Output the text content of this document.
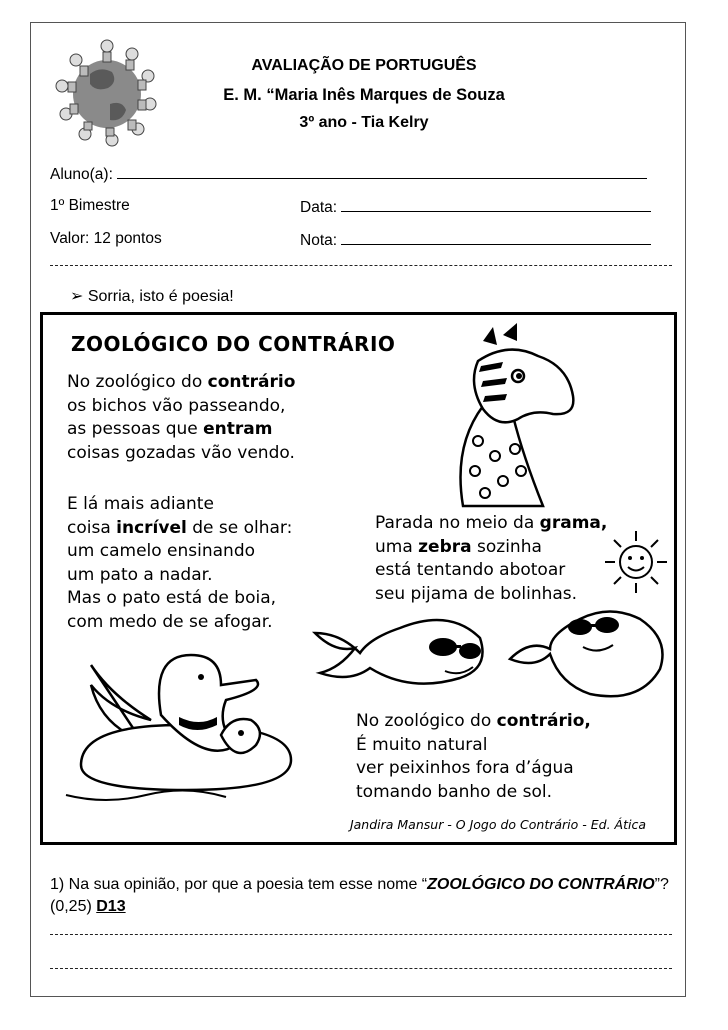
AVALIAÇÃO DE PORTUGUÊS
E. M. “Maria Inês Marques de Souza
3º ano - Tia Kelry
Aluno(a):
1º Bimestre	Data:
Valor: 12 pontos	Nota:
➢ Sorria, isto é poesia!
ZOOLÓGICO DO CONTRÁRIO
No zoológico do contrário
os bichos vão passeando,
as pessoas que entram
coisas gozadas vão vendo.
E lá mais adiante
coisa incrível de se olhar:
um camelo ensinando
um pato a nadar.
Mas o pato está de boia,
com medo de se afogar.
Parada no meio da grama,
uma zebra sozinha
está tentando abotoar
seu pijama de bolinhas.
No zoológico do contrário,
É muito natural
ver peixinhos fora d’água
tomando banho de sol.
Jandira Mansur - O Jogo do Contrário - Ed. Ática
1) Na sua opinião, por que a poesia tem esse nome “ZOOLÓGICO DO CONTRÁRIO”? (0,25) D13
